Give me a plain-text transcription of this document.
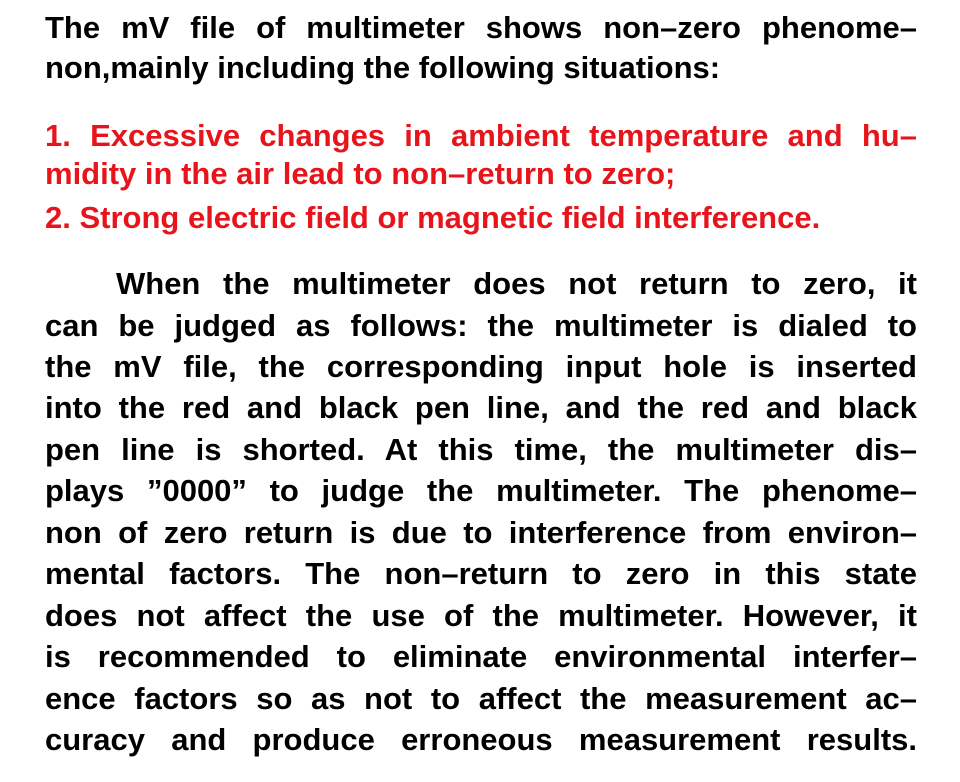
The mV file of multimeter shows non–zero phenome–
non,mainly including the following situations:
1. Excessive changes in ambient temperature and hu–
midity in the air lead to non–return to zero;
2. Strong electric field or magnetic field interference.
When the multimeter does not return to zero, it
can be judged as follows: the multimeter is dialed to
the mV file, the corresponding input hole is inserted
into the red and black pen line, and the red and black
pen line is shorted. At this time, the multimeter dis–
plays ”0000” to judge the multimeter. The phenome–
non of zero return is due to interference from environ–
mental factors. The non–return to zero in this state
does not affect the use of the multimeter. However, it
is recommended to eliminate environmental interfer–
ence factors so as not to affect the measurement ac–
curacy and produce erroneous measurement results.
